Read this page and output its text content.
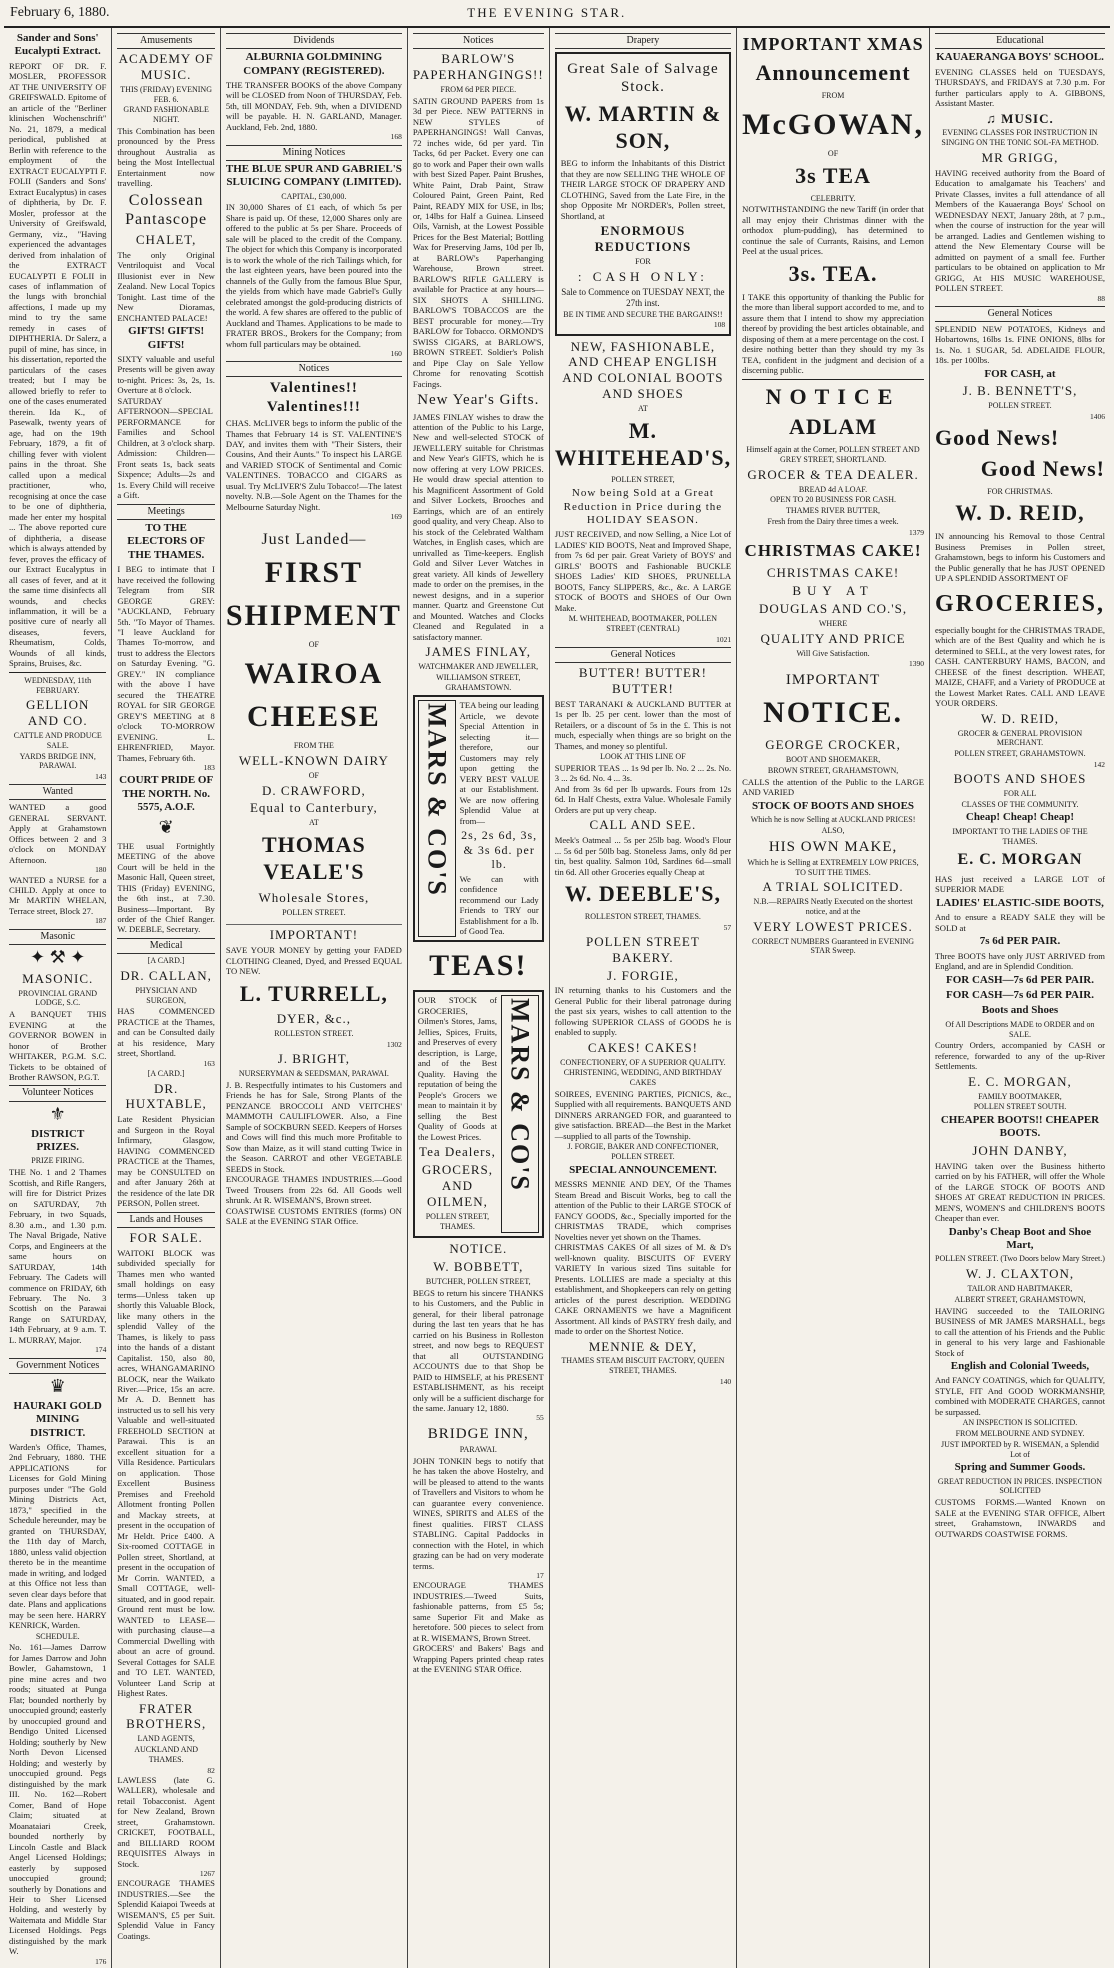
February 6, 1880.	THE EVENING STAR.
Sander and Sons' Eucalypti Extract.
REPORT OF DR. F. MOSLER, PROFESSOR AT THE UNIVERSITY OF GREIFSWALD. Epitome of an article of the "Berliner klinischen Wochenschrift" No. 21, 1879, a medical periodical, published at Berlin with reference to the employment of the EXTRACT EUCALYPTI F. FOLII (Sanders and Sons' Extract Eucalyptus) in cases of diphtheria, by Dr. F. Mosler, professor at the University of Greifswald, Germany, viz., "Having experienced the advantages derived from inhalation of the EXTRACT EUCALYPTI E FOLII in cases of inflammation of the lungs with bronchial affections, I made up my mind to try the same remedy in cases of DIPHTHERIA. Dr Salerz, a pupil of mine, has since, in his dissertation, reported the particulars of the cases treated; but I may be allowed briefly to refer to one of the cases enumerated therein. Ida K., of Pasewalk, twenty years of age, had on the 19th February, 1879, a fit of chilling fever with violent pains in the throat. She called upon a medical practitioner, who, recognising at once the case to be one of diphtheria, made her enter my hospital ... The above reported cure of diphtheria, a disease which is always attended by fever, proves the efficacy of our Extract Eucalyptus in all cases of fever, and at it the same time disinfects all wounds, and checks inflammation, it will be a positive cure of nearly all diseases, fevers, Rheumatism, Colds, Wounds of all kinds, Sprains, Bruises, &c.
WEDNESDAY, 11th FEBRUARY.
GELLION AND CO.
CATTLE AND PRODUCE SALE.
YARDS BRIDGE INN, PARAWAI.
143
Wanted
WANTED a good GENERAL SERVANT. Apply at Grahamstown Offices between 2 and 3 o'clock on MONDAY Afternoon.
180
WANTED a NURSE for a CHILD. Apply at once to Mr MARTIN WHELAN, Terrace street, Block 27.
187
Masonic
✦ ⚒ ✦
MASONIC.
PROVINCIAL GRAND LODGE, S.C.
A BANQUET THIS EVENING at the GOVERNOR BOWEN in honor of Brother WHITAKER, P.G.M. S.C. Tickets to be obtained of Brother RAWSON, P.G.T.
Volunteer Notices
⚜
DISTRICT PRIZES.
PRIZE FIRING.
THE No. 1 and 2 Thames Scottish, and Rifle Rangers, will fire for District Prizes on SATURDAY, 7th February, in two Squads, 8.30 a.m., and 1.30 p.m. The Naval Brigade, Native Corps, and Engineers at the same hours on SATURDAY, 14th February. The Cadets will commence on FRIDAY, 6th February. The No. 3 Scottish on the Parawai Range on SATURDAY, 14th February, at 9 a.m. T. L. MURRAY, Major.
174
Government Notices
♛
HAURAKI GOLD MINING DISTRICT.
Warden's Office, Thames, 2nd February, 1880. THE APPLICATIONS for Licenses for Gold Mining purposes under "The Gold Mining Districts Act, 1873," specified in the Schedule hereunder, may be granted on THURSDAY, the 11th day of March, 1880, unless valid objection thereto be in the meantime made in writing, and lodged at this Office not less than seven clear days before that date. Plans and applications may be seen here. HARRY KENRICK, Warden.
SCHEDULE.
No. 161—James Darrow for James Darrow and John Bowler, Gahamstown, 1 pine mine acres and two roods; situated at Punga Flat; bounded northerly by unoccupied ground; easterly by unoccupied ground and Bendigo United Licensed Holding; southerly by New North Devon Licensed Holding; and westerly by unoccupied ground. Pegs distinguished by the mark III. No. 162—Robert Comer, Band of Hope Claim; situated at Moanataiari Creek, bounded northerly by Lincoln Castle and Black Angel Licensed Holdings; easterly by supposed unoccupied ground; southerly by Donations and Heir to Sher Licensed Holding, and westerly by Waitemata and Middle Star Licensed Holdings. Pegs distinguished by the mark W.
176
Amusements
ACADEMY OF MUSIC.
THIS (FRIDAY) EVENING FEB. 6.
GRAND FASHIONABLE NIGHT.
This Combination has been pronounced by the Press throughout Australia as being the Most Intellectual Entertainment now travelling.
Colossean Pantascope
CHALET,
The only Original Ventriloquist and Vocal Illusionist ever in New Zealand. New Local Topics Tonight. Last time of the New Dioramas, ENCHANTED PALACE!
GIFTS! GIFTS! GIFTS!
SIXTY valuable and useful Presents will be given away to-night. Prices: 3s, 2s, 1s. Overture at 8 o'clock.
SATURDAY AFTERNOON—SPECIAL PERFORMANCE for Families and School Children, at 3 o'clock sharp. Admission: Children—Front seats 1s, back seats Sixpence; Adults—2s and 1s. Every Child will receive a Gift.
Meetings
TO THE ELECTORS OF THE THAMES.
I BEG to intimate that I have received the following Telegram from SIR GEORGE GREY: "AUCKLAND, February 5th. "To Mayor of Thames. "I leave Auckland for Thames To-morrow, and trust to address the Electors on Saturday Evening. "G. GREY." IN compliance with the above I have secured the THEATRE ROYAL for SIR GEORGE GREY'S MEETING at 8 o'clock TO-MORROW EVENING. L. EHRENFRIED, Mayor. Thames, February 6th.
183
COURT PRIDE OF THE NORTH. No. 5575, A.O.F.
❦
THE usual Fortnightly MEETING of the above Court will be held in the Masonic Hall, Queen street, THIS (Friday) EVENING, the 6th inst., at 7.30. Business—Important. By order of the Chief Ranger. W. DEEBLE, Secretary.
Medical
[A CARD.]
DR. CALLAN,
PHYSICIAN AND SURGEON,
HAS COMMENCED PRACTICE at the Thames, and can be Consulted daily at his residence, Mary street, Shortland.
163
[A CARD.]
DR. HUXTABLE,
Late Resident Physician and Surgeon in the Royal Infirmary, Glasgow, HAVING COMMENCED PRACTICE at the Thames, may be CONSULTED on and after January 26th at the residence of the late DR PERSON, Pollen street.
Lands and Houses
FOR SALE.
WAITOKI BLOCK was subdivided specially for Thames men who wanted small holdings on easy terms—Unless taken up shortly this Valuable Block, like many others in the splendid Valley of the Thames, is likely to pass into the hands of a distant Capitalist. 150, also 80, acres, WHANGAMARINO BLOCK, near the Waikato River.—Price, 15s an acre. Mr A. D. Bennett has instructed us to sell his very Valuable and well-situated FREEHOLD SECTION at Parawai. This is an excellent situation for a Villa Residence. Particulars on application. Those Excellent Business Premises and Freehold Allotment fronting Pollen and Mackay streets, at present in the occupation of Mr Heldt. Price £400. A Six-roomed COTTAGE in Pollen street, Shortland, at present in the occupation of Mr Corrin. WANTED, a Small COTTAGE, well-situated, and in good repair. Ground rent must be low. WANTED to LEASE—with purchasing clause—a Commercial Dwelling with about an acre of ground. Several Cottages for SALE and TO LET. WANTED, Volunteer Land Scrip at Highest Rates.
FRATER BROTHERS,
LAND AGENTS,
AUCKLAND AND THAMES.
82
LAWLESS (late G. WALLER), wholesale and retail Tobacconist. Agent for New Zealand, Brown street, Grahamstown. CRICKET, FOOTBALL, and BILLIARD ROOM REQUISITES Always in Stock.
1267
ENCOURAGE THAMES INDUSTRIES.—See the Splendid Kaiapoi Tweeds at WISEMAN'S, £5 per Suit. Splendid Value in Fancy Coatings.
Dividends
ALBURNIA GOLDMINING COMPANY (REGISTERED).
THE TRANSFER BOOKS of the above Company will be CLOSED from Noon of THURSDAY, Feb. 5th, till MONDAY, Feb. 9th, when a DIVIDEND will be payable. H. N. GARLAND, Manager. Auckland, Feb. 2nd, 1880.
168
Mining Notices
THE BLUE SPUR AND GABRIEL'S SLUICING COMPANY (LIMITED).
CAPITAL, £30,000.
IN 30,000 Shares of £1 each, of which 5s per Share is paid up. Of these, 12,000 Shares only are offered to the public at 5s per Share. Proceeds of sale will be placed to the credit of the Company. The object for which this Company is incorporated is to work the whole of the rich Tailings which, for the last eighteen years, have been poured into the channels of the Gully from the famous Blue Spur, the yields from which have made Gabriel's Gully celebrated amongst the gold-producing districts of the world. A few shares are offered to the public of Auckland and Thames. Applications to be made to FRATER BROS., Brokers for the Company; from whom full particulars may be obtained.
160
Notices
Valentines!! Valentines!!!
CHAS. McLIVER begs to inform the public of the Thames that February 14 is ST. VALENTINE'S DAY, and invites them with "Their Sisters, their Cousins, And their Aunts." To inspect his LARGE and VARIED STOCK of Sentimental and Comic VALENTINES. TOBACCO and CIGARS as usual. Try McLIVER'S Zulu Tobacco!—The latest novelty. N.B.—Sole Agent on the Thames for the Melbourne Saturday Night.
169
Just Landed—
FIRST
SHIPMENT
OF
WAIROA
CHEESE
FROM THE
WELL-KNOWN DAIRY
OF
D. CRAWFORD,
Equal to Canterbury,
AT
THOMAS VEALE'S
Wholesale Stores,
POLLEN STREET.
IMPORTANT!
SAVE YOUR MONEY by getting your FADED CLOTHING Cleaned, Dyed, and Pressed EQUAL TO NEW.
L. TURRELL,
DYER, &c.,
ROLLESTON STREET.
1302
J. BRIGHT,
NURSERYMAN & SEEDSMAN, PARAWAI.
J. B. Respectfully intimates to his Customers and Friends he has for Sale, Strong Plants of the PENZANCE BROCCOLI AND VEITCHES' MAMMOTH CAULIFLOWER. Also, a Fine Sample of SOCKBURN SEED. Keepers of Horses and Cows will find this much more Profitable to Sow than Maize, as it will stand cutting Twice in the Season. CARROT and other VEGETABLE SEEDS in Stock.
ENCOURAGE THAMES INDUSTRIES.—Good Tweed Trousers from 22s 6d. All Goods well shrunk. At R. WISEMAN'S, Brown street.
COASTWISE CUSTOMS ENTRIES (forms) ON SALE at the EVENING STAR Office.
Notices
BARLOW'S PAPERHANGINGS!!
FROM 6d PER PIECE.
SATIN GROUND PAPERS from 1s 3d per Piece. NEW PATTERNS in NEW STYLES of PAPERHANGINGS! Wall Canvas, 72 inches wide, 6d per yard. Tin Tacks, 6d per Packet. Every one can go to work and Paper their own walls with best Sized Paper. Paint Brushes, White Paint, Drab Paint, Straw Coloured Paint, Green Paint, Red Paint, READY MIX for USE, in lbs; or, 14lbs for Half a Guinea. Linseed Oils, Varnish, at the Lowest Possible Prices for the Best Material; Bottling Wax for Preserving Jams, 10d per lb, at BARLOW's Paperhanging Warehouse, Brown street. BARLOW'S RIFLE GALLERY is available for Practice at any hours—SIX SHOTS A SHILLING. BARLOW'S TOBACCOS are the BEST procurable for money.—Try BARLOW for Tobacco. ORMOND'S SWISS CIGARS, at BARLOW'S, BROWN STREET. Soldier's Polish and Pipe Clay on Sale Yellow Chrome for renovating Scottish Facings.
New Year's Gifts.
JAMES FINLAY wishes to draw the attention of the Public to his Large, New and well-selected STOCK of JEWELLERY suitable for Christmas and New Year's GIFTS, which he is now offering at very LOW PRICES. He would draw special attention to his Magnificent Assortment of Gold and Silver Lockets, Brooches and Earrings, which are of an entirely good quality, and very Cheap. Also to his stock of the Celebrated Waltham Watches, in English cases, which are unrivalled as Time-keepers. English Gold and Silver Lever Watches in great variety. All kinds of Jewellery made to order on the premises, in the newest designs, and in a superior manner. Quartz and Greenstone Cut and Mounted. Watches and Clocks Cleaned and Regulated in a satisfactory manner.
JAMES FINLAY,
WATCHMAKER AND JEWELLER,
WILLIAMSON STREET, GRAHAMSTOWN.
MARS & CO'S TEA being our leading Article, we devote Special Attention in selecting it—therefore, our Customers may rely upon getting the VERY BEST VALUE at our Establishment. We are now offering Splendid Value at from—
2s, 2s 6d, 3s, & 3s 6d. per lb.
We can with confidence recommend our Lady Friends to TRY our Establishment for a lb. of Good Tea.
TEAS!
OUR STOCK of GROCERIES, Oilmen's Stores, Jams, Jellies, Spices, Fruits, and Preserves of every description, is Large, and of the Best Quality. Having the reputation of being the People's Grocers we mean to maintain it by selling the Best Quality of Goods at the Lowest Prices.
Tea Dealers,
GROCERS, AND OILMEN,
POLLEN STREET,
THAMES.
MARS & CO'S
NOTICE.
W. BOBBETT,
BUTCHER, POLLEN STREET,
BEGS to return his sincere THANKS to his Customers, and the Public in general, for their liberal patronage during the last ten years that he has carried on his Business in Rolleston street, and now begs to REQUEST that all OUTSTANDING ACCOUNTS due to that Shop be PAID to HIMSELF, at his PRESENT ESTABLISHMENT, as his receipt only will be a sufficient discharge for the same. January 12, 1880.
55
BRIDGE INN,
PARAWAI.
JOHN TONKIN begs to notify that he has taken the above Hostelry, and will be pleased to attend to the wants of Travellers and Visitors to whom he can guarantee every convenience. WINES, SPIRITS and ALES of the finest qualities. FIRST CLASS STABLING. Capital Paddocks in connection with the Hotel, in which grazing can be had on very moderate terms.
17
ENCOURAGE THAMES INDUSTRIES.—Tweed Suits, fashionable patterns, from £5 5s; same Superior Fit and Make as heretofore. 500 pieces to select from at R. WISEMAN'S, Brown Street.
GROCERS' and Bakers' Bags and Wrapping Papers printed cheap rates at the EVENING STAR Office.
Drapery
Great Sale of Salvage Stock.
W. MARTIN & SON,
BEG to inform the Inhabitants of this District that they are now SELLING THE WHOLE OF THEIR LARGE STOCK OF DRAPERY AND CLOTHING, Saved from the Late Fire, in the shop Opposite Mr NORDER's, Pollen street, Shortland, at
ENORMOUS REDUCTIONS
FOR
: CASH ONLY:
Sale to Commence on TUESDAY NEXT, the 27th inst.
BE IN TIME AND SECURE THE BARGAINS!!
108
NEW, FASHIONABLE, AND CHEAP ENGLISH AND COLONIAL BOOTS AND SHOES
AT
M. WHITEHEAD'S,
POLLEN STREET,
Now being Sold at a Great Reduction in Price during the HOLIDAY SEASON.
JUST RECEIVED, and now Selling, a Nice Lot of LADIES' KID BOOTS, Neat and Improved Shape, from 7s 6d per pair. Great Variety of BOYS' and GIRLS' BOOTS and Fashionable BUCKLE SHOES Ladies' KID SHOES, PRUNELLA BOOTS, Fancy SLIPPERS, &c., &c. A LARGE STOCK of BOOTS and SHOES of Our Own Make.
M. WHITEHEAD, BOOTMAKER, POLLEN STREET (CENTRAL)
1021
General Notices
BUTTER! BUTTER! BUTTER!
BEST TARANAKI & AUCKLAND BUTTER at 1s per lb. 25 per cent. lower than the most of Retailers, or a discount of 5s in the £. This is not much, especially when things are so bright on the Thames, and money so plentiful.
LOOK AT THIS LINE OF
SUPERIOR TEAS ... 1s 9d per lb. No. 2 ... 2s. No. 3 ... 2s 6d. No. 4 ... 3s.
And from 3s 6d per lb upwards. Fours from 12s 6d. In Half Chests, extra Value. Wholesale Family Orders are put up very cheap.
CALL AND SEE.
Meek's Oatmeal ... 5s per 25lb bag. Wood's Flour ... 5s 6d per 50lb bag. Stoneless Jams, only 8d per tin, best quality. Salmon 10d, Sardines 6d—small tin 6d. All other Groceries equally Cheap at
W. DEEBLE'S,
ROLLESTON STREET, THAMES.
57
POLLEN STREET BAKERY.
J. FORGIE,
IN returning thanks to his Customers and the General Public for their liberal patronage during the past six years, wishes to call attention to the following SUPERIOR CLASS of GOODS he is enabled to supply.
CAKES! CAKES!
CONFECTIONERY, OF A SUPERIOR QUALITY.
CHRISTENING, WEDDING, AND BIRTHDAY CAKES
SOIREES, EVENING PARTIES, PICNICS, &c., Supplied with all requirements. BANQUETS AND DINNERS ARRANGED FOR, and guaranteed to give satisfaction. BREAD—the Best in the Market—supplied to all parts of the Township.
J. FORGIE, BAKER AND CONFECTIONER, POLLEN STREET.
SPECIAL ANNOUNCEMENT.
MESSRS MENNIE AND DEY, Of the Thames Steam Bread and Biscuit Works, beg to call the attention of the Public to their LARGE STOCK of FANCY GOODS, &c., Specially imported for the CHRISTMAS TRADE, which comprises Novelties never yet shown on the Thames.
CHRISTMAS CAKES Of all sizes of M. & D's well-known quality. BISCUITS OF EVERY VARIETY In various sized Tins suitable for Presents. LOLLIES are made a specialty at this establishment, and Shopkeepers can rely on getting articles of the purest description. WEDDING CAKE ORNAMENTS we have a Magnificent Assortment. All kinds of PASTRY fresh daily, and made to order on the Shortest Notice.
MENNIE & DEY,
THAMES STEAM BISCUIT FACTORY, QUEEN STREET, THAMES.
140
IMPORTANT XMAS
Announcement
FROM
McGOWAN,
OF
3s TEA
CELEBRITY.
NOTWITHSTANDING the new Tariff (in order that all may enjoy their Christmas dinner with the orthodox plum-pudding), has determined to continue the sale of Currants, Raisins, and Lemon Peel at the usual prices.
3s. TEA.
I TAKE this opportunity of thanking the Public for the more than liberal support accorded to me, and to assure them that I intend to show my appreciation thereof by providing the best articles obtainable, and disposing of them at a mere percentage on the cost. I desire nothing better than they should try my 3s TEA, confident in the judgment and decision of a discerning public.
NOTICE
ADLAM
Himself again at the Corner, POLLEN STREET AND GREY STREET, SHORTLAND.
GROCER & TEA DEALER.
BREAD 4d A LOAF.
OPEN TO 20 BUSINESS FOR CASH.
THAMES RIVER BUTTER,
Fresh from the Dairy three times a week.
1379
CHRISTMAS CAKE!
CHRISTMAS CAKE!
BUY AT
DOUGLAS AND CO.'S,
WHERE
QUALITY AND PRICE
Will Give Satisfaction.
1390
IMPORTANT
NOTICE.
GEORGE CROCKER,
BOOT AND SHOEMAKER,
BROWN STREET, GRAHAMSTOWN,
CALLS the attention of the Public to the LARGE AND VARIED
STOCK OF BOOTS AND SHOES
Which he is now Selling at AUCKLAND PRICES!
ALSO,
HIS OWN MAKE,
Which he is Selling at EXTREMELY LOW PRICES, TO SUIT THE TIMES.
A TRIAL SOLICITED.
N.B.—REPAIRS Neatly Executed on the shortest notice, and at the
VERY LOWEST PRICES.
CORRECT NUMBERS Guaranteed in EVENING STAR Sweep.
Educational
KAUAERANGA BOYS' SCHOOL.
EVENING CLASSES held on TUESDAYS, THURSDAYS, and FRIDAYS at 7.30 p.m. For further particulars apply to A. GIBBONS, Assistant Master.
♫ MUSIC.
EVENING CLASSES FOR INSTRUCTION IN SINGING ON THE TONIC SOL-FA METHOD.
MR GRIGG,
HAVING received authority from the Board of Education to amalgamate his Teachers' and Private Classes, invites a full attendance of all Members of the Kauaeranga Boys' School on WEDNESDAY NEXT, January 28th, at 7 p.m., when the course of instruction for the year will be arranged. Ladies and Gentlemen wishing to attend the New Elementary Course will be admitted on payment of a small fee. Further particulars to be obtained on application to Mr GRIGG, At HIS MUSIC WAREHOUSE, POLLEN STREET.
88
General Notices
SPLENDID NEW POTATOES, Kidneys and Hobartowns, 16lbs 1s. FINE ONIONS, 8lbs for 1s. No. 1 SUGAR, 5d. ADELAIDE FLOUR, 18s. per 100lbs.
FOR CASH, at
J. B. BENNETT'S,
POLLEN STREET.
1406
Good News!
Good News!
FOR CHRISTMAS.
W. D. REID,
IN announcing his Removal to those Central Business Premises in Pollen street, Grahamstown, begs to inform his Customers and the Public generally that he has JUST OPENED UP A SPLENDID ASSORTMENT OF
GROCERIES,
especially bought for the CHRISTMAS TRADE, which are of the Best Quality and which he is determined to SELL, at the very lowest rates, for CASH. CANTERBURY HAMS, BACON, and CHEESE of the finest description. WHEAT, MAIZE, CHAFF, and a Variety of PRODUCE at the Lowest Market Rates. CALL AND LEAVE YOUR ORDERS.
W. D. REID,
GROCER & GENERAL PROVISION MERCHANT.
POLLEN STREET, GRAHAMSTOWN.
142
BOOTS AND SHOES
FOR ALL
CLASSES OF THE COMMUNITY.
Cheap! Cheap! Cheap!
IMPORTANT TO THE LADIES OF THE THAMES.
E. C. MORGAN
HAS just received a LARGE LOT of SUPERIOR MADE
LADIES' ELASTIC-SIDE BOOTS,
And to ensure a READY SALE they will be SOLD at
7s 6d PER PAIR.
Three BOOTS have only JUST ARRIVED from England, and are in Splendid Condition.
FOR CASH—7s 6d PER PAIR.
FOR CASH—7s 6d PER PAIR.
Boots and Shoes
Of All Descriptions MADE to ORDER and on SALE.
Country Orders, accompanied by CASH or reference, forwarded to any of the up-River Settlements.
E. C. MORGAN,
FAMILY BOOTMAKER,
POLLEN STREET SOUTH.
CHEAPER BOOTS!! CHEAPER BOOTS.
JOHN DANBY,
HAVING taken over the Business hitherto carried on by his FATHER, will offer the Whole of the LARGE STOCK OF BOOTS AND SHOES AT GREAT REDUCTION IN PRICES. MEN'S, WOMEN'S and CHILDREN'S BOOTS Cheaper than ever.
Danby's Cheap Boot and Shoe Mart,
POLLEN STREET. (Two Doors below Mary Street.)
W. J. CLAXTON,
TAILOR AND HABITMAKER,
ALBERT STREET, GRAHAMSTOWN,
HAVING succeeded to the TAILORING BUSINESS of MR JAMES MARSHALL, begs to call the attention of his Friends and the Public in general to his very large and Fashionable Stock of
English and Colonial Tweeds,
And FANCY COATINGS, which for QUALITY, STYLE, FIT And GOOD WORKMANSHIP, combined with MODERATE CHARGES, cannot be surpassed.
AN INSPECTION IS SOLICITED.
FROM MELBOURNE AND SYDNEY.
JUST IMPORTED by R. WISEMAN, a Splendid Lot of
Spring and Summer Goods.
GREAT REDUCTION IN PRICES. INSPECTION SOLICITED
CUSTOMS FORMS.—Wanted Known on SALE at the EVENING STAR OFFICE, Albert street, Grahamstown, INWARDS and OUTWARDS COASTWISE FORMS.
